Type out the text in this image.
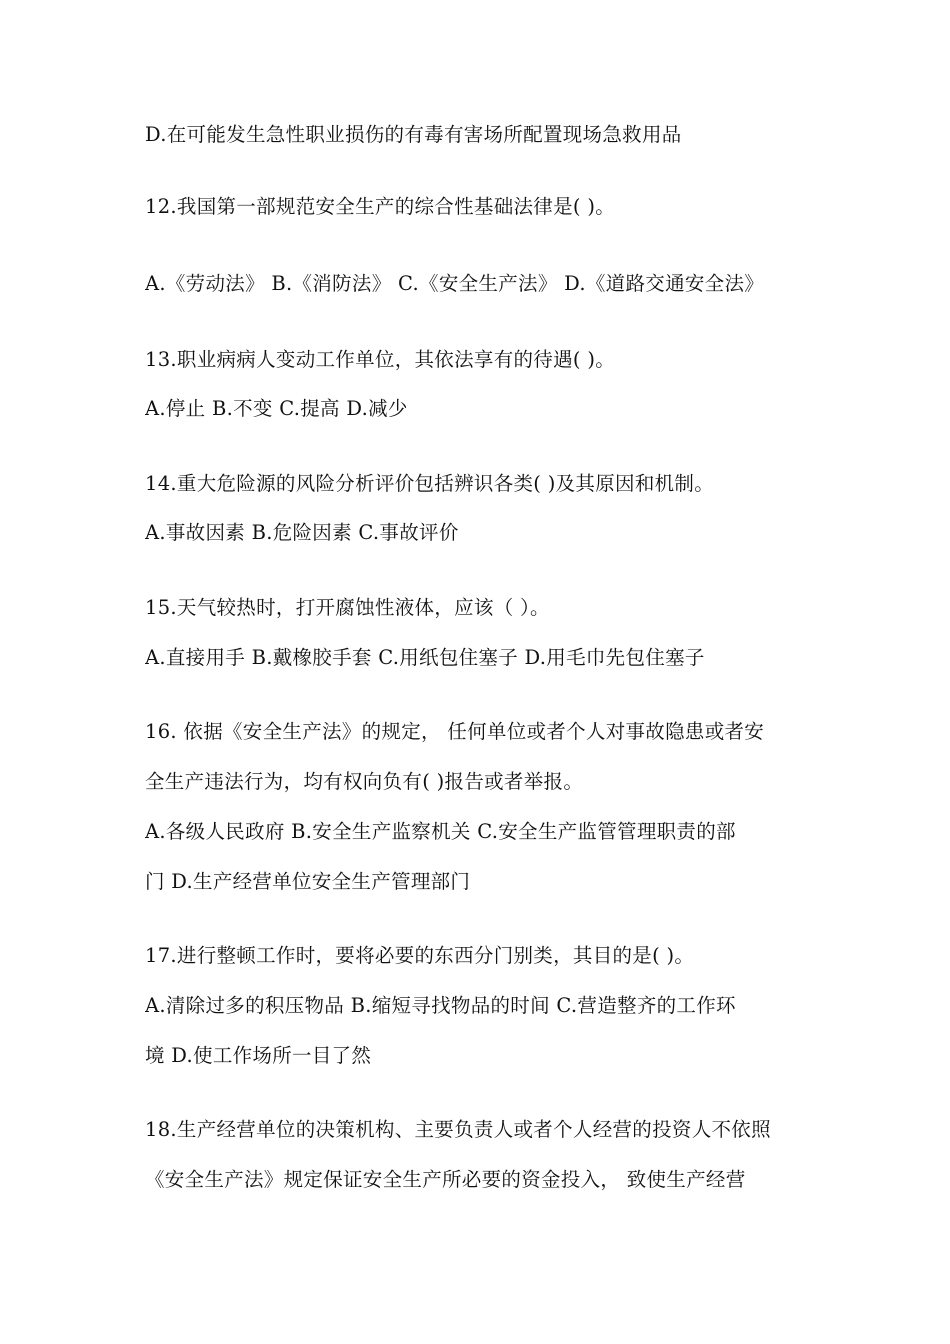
D.在可能发生急性职业损伤的有毒有害场所配置现场急救用品
12.我国第一部规范安全生产的综合性基础法律是( )。
A.《劳动法》 B.《消防法》 C.《安全生产法》 D.《道路交通安全法》
13.职业病病人变动工作单位，其依法享有的待遇( )。
A.停止 B.不变 C.提高 D.减少
14.重大危险源的风险分析评价包括辨识各类( )及其原因和机制。
A.事故因素 B.危险因素 C.事故评价
15.天气较热时，打开腐蚀性液体，应该（ ）。
A.直接用手 B.戴橡胶手套 C.用纸包住塞子 D.用毛巾先包住塞子
16. 依据《安全生产法》的规定， 任何单位或者个人对事故隐患或者安
全生产违法行为，均有权向负有( )报告或者举报。
A.各级人民政府 B.安全生产监察机关 C.安全生产监管管理职责的部
门 D.生产经营单位安全生产管理部门
17.进行整顿工作时，要将必要的东西分门别类，其目的是( )。
A.清除过多的积压物品 B.缩短寻找物品的时间 C.营造整齐的工作环
境 D.使工作场所一目了然
18.生产经营单位的决策机构、主要负责人或者个人经营的投资人不依照
《安全生产法》规定保证安全生产所必要的资金投入， 致使生产经营
